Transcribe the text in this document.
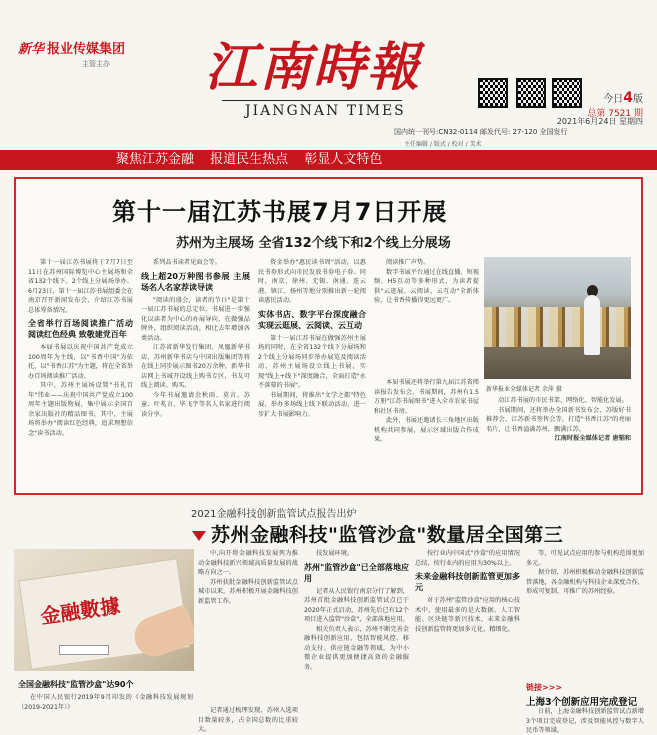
新华 报业传媒集团
主管主办	江南時報
JIANGNAN TIMES
今日4版
总第 7521 期
2021年6月24日 星期四
国内统一刊号:CN32-0114 邮发代号: 27-120 全国发行
主任编辑 / 版式 / 校对 / 美术
聚焦江苏金融 报道民生热点 彰显人文特色
第十一届江苏书展7月7日开展
苏州为主展场 全省132个线下和2个线上分展场

第十一届江苏书展将于7月7日至11日在苏州国际博览中心主展场和全省132个线下、2个线上分展场举办。6月23日，第十一届江苏书展组委会在南京召开新闻发布会，介绍江苏书展总体筹备情况。

全省举行百场阅读推广活动 阅读红色经典 致敬建党百年

本届书展以庆祝中国共产党成立100周年为主线，以"书香中国"为依托，以"书香江苏"为主题，将在全省举办百场阅读推广活动。

其中，苏州主展场设置"书礼百年"伟业——庆祝中国共产党成立100周年主题出版物展，集中展示全国百余家出版社的精品图书，其中，主展场将举办"阅读红色经典，追求理想信念"读书活动。

系列品书读者见面会等。

线上超20万种图书参展 主展场名人名家荐读导读

"阅读的盛会，读者的节日"是第十一届江苏书展的总定位。书展进一步强化以读者为中心的办展导向，在做强品牌外，组织阅读活动，相比去年增加各类活动。

江苏省新华发行集团、凤凰新华书店、苏州新华书店与中国出版集团等将在线上同步展示图书20万余种，新华书店网上书城开设线上购书专区，书友可线上阅读、购买。

今年书展邀请余秋雨、莫言、苏童、叶兆言、毕飞宇等名人名家进行阅读分享。

资金举办"惠民读书周"活动，以惠民书券形式向市民发放书券电子券。同时，南京、徐州、无锡、南通、连云港、镇江、扬州等地分别推出新一轮阅读惠民活动。

实体书店、数字平台深度融合 实现云逛展、云阅读、云互动

第十一届江苏书展在做强苏州主展场的同时，在全省132个线下分展场和2个线上分展场同步举办展览及阅读活动，苏州主展场设立线上书展，实现"线上+线下"深度融合，全面打造"永不落幕的书展"。

书展期间，将推出"文学之都"特色展，举办多场线上线下联动活动，进一步扩大书展影响力。

阅读推广声势。

数字书展平台通过在线直播、短视频、H5互动等多种形式，为读者提供"云逛展、云阅读、云互动"全新体验，让书香传播得更远更广。

新华报业全媒体记者 余萍 摄

本届书展还将举行第九届江苏省阅读报告发布会，书展期间，苏州有1.5万册"江苏书展图书"进入全市农家书屋和社区书房。

此外，书展还邀请长三角地区出版机构共同参展，展示区域出版合作成果。

动江苏书展的市民书架、网络化、智能化发展。

书展期间，还将举办全国新书发布会、苏版好书推荐会、江苏新书签售会等，打造"书香江苏"的亮丽名片，让书香溢满苏州，飘满江苏。

江南时报全媒体记者 唐韬和

2021金融科技创新监管试点报告出炉
苏州金融科技"监管沙盒"数量居全国第三
金融數據

中,向开将金融科技发展列为推动金融科技新兴领域高质量发展的战略方向之一。

苏州获批金融科技创新监管试点城市以来，苏州积极开展金融科技创新监管工作。

记者通过梳理发现，苏州入选项目数量较多，占全国总数的比重较大。

技发展环境。

苏州"监管沙盒"已全部落地应用

记者从人民银行南京分行了解到，苏州首批金融科技创新监管试点已于2020年正式启动，苏州先后已有12个项目进入监管"沙盒"，全部落地应用。

相关负责人表示，苏州不断完善金融科技创新应用，包括智能风控、移动支付、供应链金融等领域，为中小微企业提供更加便捷高效的金融服务。

按行业内中国式"沙盒"的应用情况总结，按行业内的应用为30%以上。

未来金融科技创新监管更加多元

对于苏州"监管沙盒"应用的核心技术中，使用最多的是大数据、人工智能、区块链等新兴技术，未来金融科技创新监管将更加多元化、精细化。

等，可见试点应用的参与机构范围更加多元。

据介绍，苏州积极推动金融科技创新监管落地，各金融机构与科技企业深度合作，形成可复制、可推广的苏州经验。

全国金融科技"监管沙盒"达90个

在中国人民银行2019年9月印发的《金融科技发展规划（2019-2021年）》

链接>>>
上海3个创新应用完成登记

日前，上海金融科技创新监管试点新增3个项目完成登记，涉及智能风控与数字人民币等领域。
